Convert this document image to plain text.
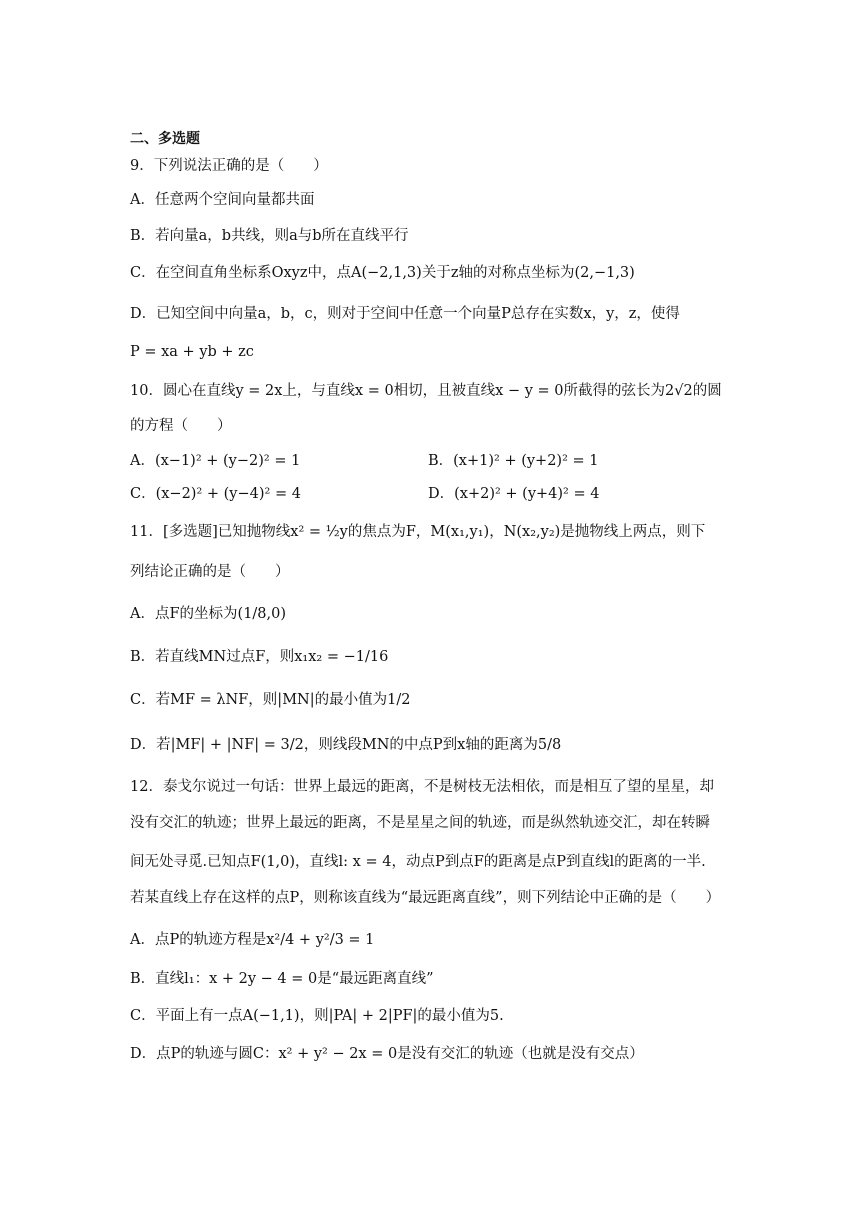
二、多选题
9．下列说法正确的是（　　）
A．任意两个空间向量都共面
B．若向量a，b共线，则a与b所在直线平行
C．在空间直角坐标系Oxyz中，点A(−2,1,3)关于z轴的对称点坐标为(2,−1,3)
D．已知空间中向量a，b，c，则对于空间中任意一个向量P总存在实数x，y，z，使得
P = xa + yb + zc
10．圆心在直线y = 2x上，与直线x = 0相切，且被直线x − y = 0所截得的弦长为2√2的圆
的方程（　　）
A．(x−1)² + (y−2)² = 1	B．(x+1)² + (y+2)² = 1
C．(x−2)² + (y−4)² = 4	D．(x+2)² + (y+4)² = 4
11．[多选题]已知抛物线x² = ½y的焦点为F，M(x₁,y₁)，N(x₂,y₂)是抛物线上两点，则下
列结论正确的是（　　）
A．点F的坐标为(1/8,0)
B．若直线MN过点F，则x₁x₂ = −1/16
C．若MF = λNF，则|MN|的最小值为1/2
D．若|MF| + |NF| = 3/2，则线段MN的中点P到x轴的距离为5/8
12．泰戈尔说过一句话：世界上最远的距离，不是树枝无法相依，而是相互了望的星星，却
没有交汇的轨迹；世界上最远的距离，不是星星之间的轨迹，而是纵然轨迹交汇，却在转瞬
间无处寻觅.已知点F(1,0)，直线l: x = 4，动点P到点F的距离是点P到直线l的距离的一半.
若某直线上存在这样的点P，则称该直线为“最远距离直线”，则下列结论中正确的是（　　）
A．点P的轨迹方程是x²/4 + y²/3 = 1
B．直线l₁：x + 2y − 4 = 0是“最远距离直线”
C．平面上有一点A(−1,1)，则|PA| + 2|PF|的最小值为5.
D．点P的轨迹与圆C：x² + y² − 2x = 0是没有交汇的轨迹（也就是没有交点）
